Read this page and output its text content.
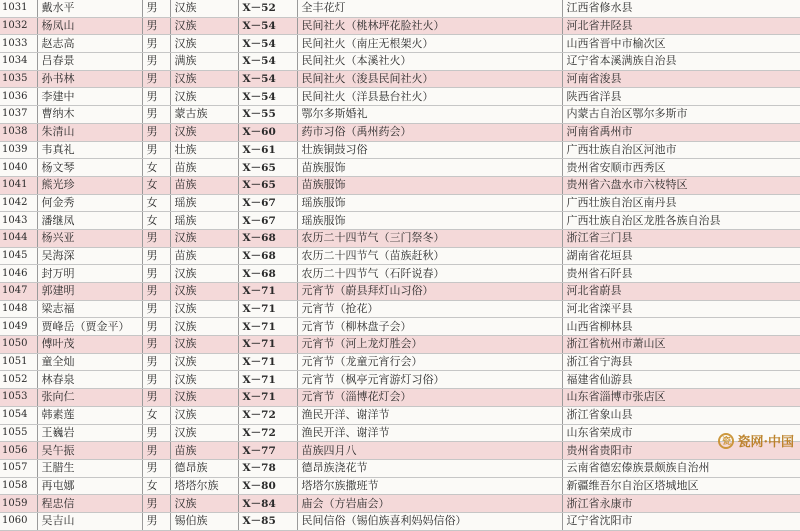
1031	戴水平	男	汉族	X－52	全丰花灯	江西省修水县
1032	杨凤山	男	汉族	X－54	民间社火（桃林坪花脸社火）	河北省井陉县
1033	赵志高	男	汉族	X－54	民间社火（南庄无根架火）	山西省晋中市榆次区
1034	吕春景	男	满族	X－54	民间社火（本溪社火）	辽宁省本溪满族自治县
1035	孙书林	男	汉族	X－54	民间社火（浚县民间社火）	河南省浚县
1036	李建中	男	汉族	X－54	民间社火（洋县悬台社火）	陕西省洋县
1037	曹纳木	男	蒙古族	X－55	鄂尔多斯婚礼	内蒙古自治区鄂尔多斯市
1038	朱清山	男	汉族	X－60	药市习俗（禹州药会）	河南省禹州市
1039	韦真礼	男	壮族	X－61	壮族铜鼓习俗	广西壮族自治区河池市
1040	杨文琴	女	苗族	X－65	苗族服饰	贵州省安顺市西秀区
1041	熊光珍	女	苗族	X－65	苗族服饰	贵州省六盘水市六枝特区
1042	何金秀	女	瑶族	X－67	瑶族服饰	广西壮族自治区南丹县
1043	潘继凤	女	瑶族	X－67	瑶族服饰	广西壮族自治区龙胜各族自治县
1044	杨兴亚	男	汉族	X－68	农历二十四节气（三门祭冬）	浙江省三门县
1045	吴海深	男	苗族	X－68	农历二十四节气（苗族赶秋）	湖南省花垣县
1046	封万明	男	汉族	X－68	农历二十四节气（石阡说春）	贵州省石阡县
1047	郭建明	男	汉族	X－71	元宵节（蔚县拜灯山习俗）	河北省蔚县
1048	梁志福	男	汉族	X－71	元宵节（抢花）	河北省滦平县
1049	贾峰岳（贾金平）	男	汉族	X－71	元宵节（柳林盘子会）	山西省柳林县
1050	傅叶茂	男	汉族	X－71	元宵节（河上龙灯胜会）	浙江省杭州市萧山区
1051	童全灿	男	汉族	X－71	元宵节（龙童元宵行会）	浙江省宁海县
1052	林春泉	男	汉族	X－71	元宵节（枫亭元宵游灯习俗）	福建省仙游县
1053	张向仁	男	汉族	X－71	元宵节（淄博花灯会）	山东省淄博市张店区
1054	韩素莲	女	汉族	X－72	渔民开洋、谢洋节	浙江省象山县
1055	王巍岩	男	汉族	X－72	渔民开洋、谢洋节	山东省荣成市
1056	吴午振	男	苗族	X－77	苗族四月八	贵州省贵阳市
1057	王腊生	男	德昂族	X－78	德昂族浇花节	云南省德宏傣族景颇族自治州
1058	再屯娜	女	塔塔尔族	X－80	塔塔尔族撒班节	新疆维吾尔自治区塔城地区
1059	程忠信	男	汉族	X－84	庙会（方岩庙会）	浙江省永康市
1060	吴吉山	男	锡伯族	X－85	民间信俗（锡伯族喜利妈妈信俗）	辽宁省沈阳市
瓷 瓷网·中国
